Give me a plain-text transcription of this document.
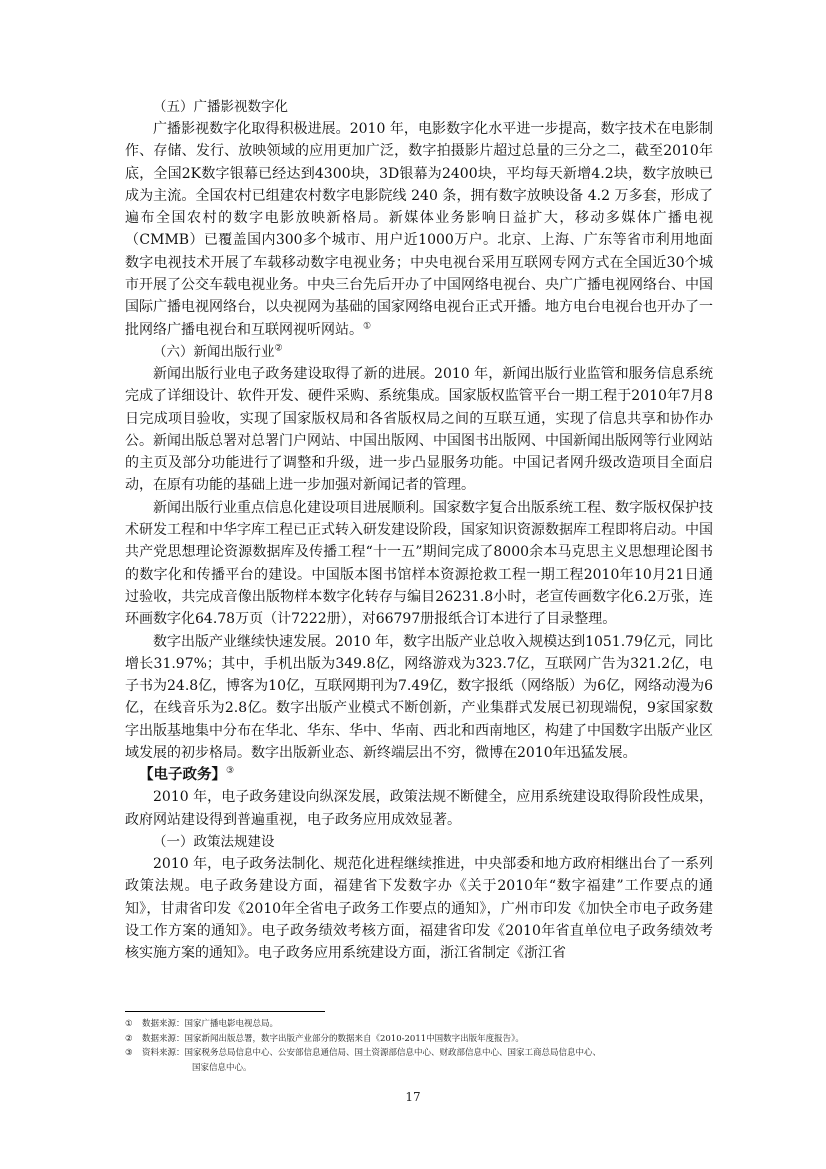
（五）广播影视数字化

广播影视数字化取得积极进展。2010 年，电影数字化水平进一步提高，数字技术在电影制作、存储、发行、放映领域的应用更加广泛，数字拍摄影片超过总量的三分之二，截至2010年底，全国2K数字银幕已经达到4300块，3D银幕为2400块，平均每天新增4.2块，数字放映已成为主流。全国农村已组建农村数字电影院线 240 条，拥有数字放映设备 4.2 万多套，形成了遍布全国农村的数字电影放映新格局。新媒体业务影响日益扩大，移动多媒体广播电视（CMMB）已覆盖国内300多个城市、用户近1000万户。北京、上海、广东等省市利用地面数字电视技术开展了车载移动数字电视业务；中央电视台采用互联网专网方式在全国近30个城市开展了公交车载电视业务。中央三台先后开办了中国网络电视台、央广广播电视网络台、中国国际广播电视网络台，以央视网为基础的国家网络电视台正式开播。地方电台电视台也开办了一批网络广播电视台和互联网视听网站。①

（六）新闻出版行业②

新闻出版行业电子政务建设取得了新的进展。2010 年，新闻出版行业监管和服务信息系统完成了详细设计、软件开发、硬件采购、系统集成。国家版权监管平台一期工程于2010年7月8日完成项目验收，实现了国家版权局和各省版权局之间的互联互通，实现了信息共享和协作办公。新闻出版总署对总署门户网站、中国出版网、中国图书出版网、中国新闻出版网等行业网站的主页及部分功能进行了调整和升级，进一步凸显服务功能。中国记者网升级改造项目全面启动，在原有功能的基础上进一步加强对新闻记者的管理。

新闻出版行业重点信息化建设项目进展顺利。国家数字复合出版系统工程、数字版权保护技术研发工程和中华字库工程已正式转入研发建设阶段，国家知识资源数据库工程即将启动。中国共产党思想理论资源数据库及传播工程“十一五”期间完成了8000余本马克思主义思想理论图书的数字化和传播平台的建设。中国版本图书馆样本资源抢救工程一期工程2010年10月21日通过验收，共完成音像出版物样本数字化转存与编目26231.8小时，老宣传画数字化6.2万张，连环画数字化64.78万页（计7222册），对66797册报纸合订本进行了目录整理。

数字出版产业继续快速发展。2010 年，数字出版产业总收入规模达到1051.79亿元，同比增长31.97%；其中，手机出版为349.8亿，网络游戏为323.7亿，互联网广告为321.2亿，电子书为24.8亿，博客为10亿，互联网期刊为7.49亿，数字报纸（网络版）为6亿，网络动漫为6亿，在线音乐为2.8亿。数字出版产业模式不断创新，产业集群式发展已初现端倪，9家国家数字出版基地集中分布在华北、华东、华中、华南、西北和西南地区，构建了中国数字出版产业区域发展的初步格局。数字出版新业态、新终端层出不穷，微博在2010年迅猛发展。

【电子政务】③

2010 年，电子政务建设向纵深发展，政策法规不断健全，应用系统建设取得阶段性成果，政府网站建设得到普遍重视，电子政务应用成效显著。

（一）政策法规建设

2010 年，电子政务法制化、规范化进程继续推进，中央部委和地方政府相继出台了一系列政策法规。电子政务建设方面，福建省下发数字办《关于2010年“数字福建”工作要点的通知》，甘肃省印发《2010年全省电子政务工作要点的通知》，广州市印发《加快全市电子政务建设工作方案的通知》。电子政务绩效考核方面，福建省印发《2010年省直单位电子政务绩效考核实施方案的通知》。电子政务应用系统建设方面，浙江省制定《浙江省

① 数据来源：国家广播电影电视总局。

② 数据来源：国家新闻出版总署，数字出版产业部分的数据来自《2010-2011中国数字出版年度报告》。

③ 资料来源：国家税务总局信息中心、公安部信息通信局、国土资源部信息中心、财政部信息中心、国家工商总局信息中心、

国家信息中心。

17
